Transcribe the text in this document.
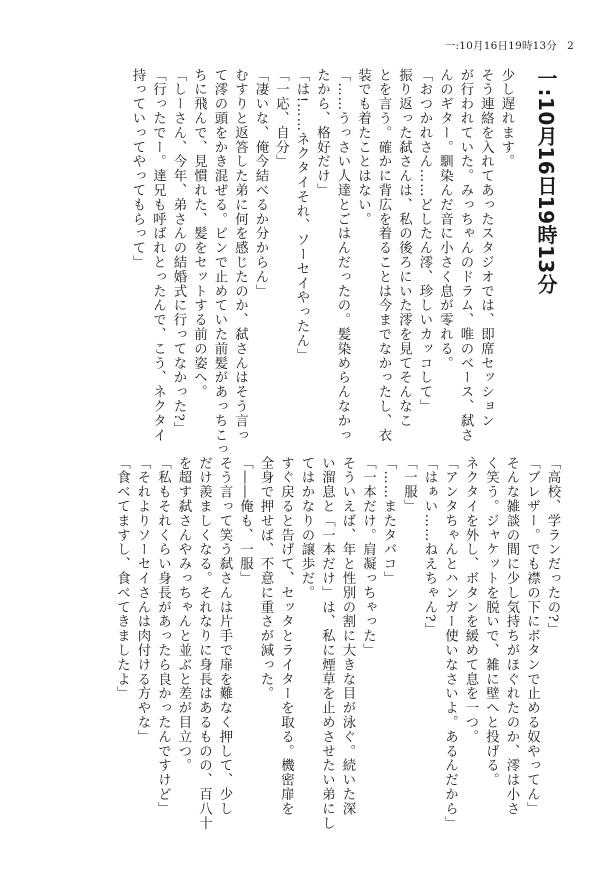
一:10月16日19時13分 2
一:10月16日19時13分

少し遅れます。

そう連絡を入れてあったスタジオでは、即席セッション

が行われていた。みっちゃんのドラム、唯のベース、弑さ

んのギター。馴染んだ音に小さく息が零れる。

「おつかれさん……どしたん澪、珍しいカッコして」

振り返った弑さんは、私の後ろにいた澪を見てそんなこ

とを言う。確かに背広を着ることは今までなかったし、衣

装でも着たことはない。

「……うっさい人達とごはんだったの。髪染めらんなかっ

たから、格好だけ」

「は!……ネクタイそれ、ソーセイやったん」

「一応、自分」

「凄いな、俺今結べるか分からん」

むすりと返答した弟に何を感じたのか、弑さんはそう言っ

て澪の頭をかき混ぜる。ピンで止めていた前髪があっちこっ

ちに飛んで、見慣れた、髪をセットする前の姿へ。

「しーさん、今年、弟さんの結婚式に行ってなかった?」

「行ったでー。達兄も呼ばれとったんで、こう、ネクタイ

持っていってやってもらって」

「高校、学ランだったの?」

「ブレザー。でも襟の下にボタンで止める奴やってん」

そんな雑談の間に少し気持ちがほぐれたのか、澪は小さ

く笑う。ジャケットを脱いで、雑に壁へと投げる。

ネクタイを外し、ボタンを緩めて息を一つ。

「アンタちゃんとハンガー使いなさいよ。あるんだから」

「はぁい……ねえちゃん?」

「一服」

「……またタバコ」

「一本だけ。肩凝っちゃった」

そういえば、年と性別の割に大きな目が泳ぐ。続いた深

い溜息と「一本だけ」は、私に煙草を止めさせたい弟にし

てはかなりの譲歩だ。

すぐ戻ると告げて、セッタとライターを取る。機密扉を

全身で押せば、不意に重さが減った。

「――俺も、一服」

そう言って笑う弑さんは片手で扉を難なく押して、少し

だけ羨ましくなる。それなりに身長はあるものの、百八十

を超す弑さんやみっちゃんと並ぶと差が目立つ。

「私もそれくらい身長があったら良かったんですけど」

「それよりソーセイさんは肉付ける方やな」

「食べてますし、食べてきましたよ」
